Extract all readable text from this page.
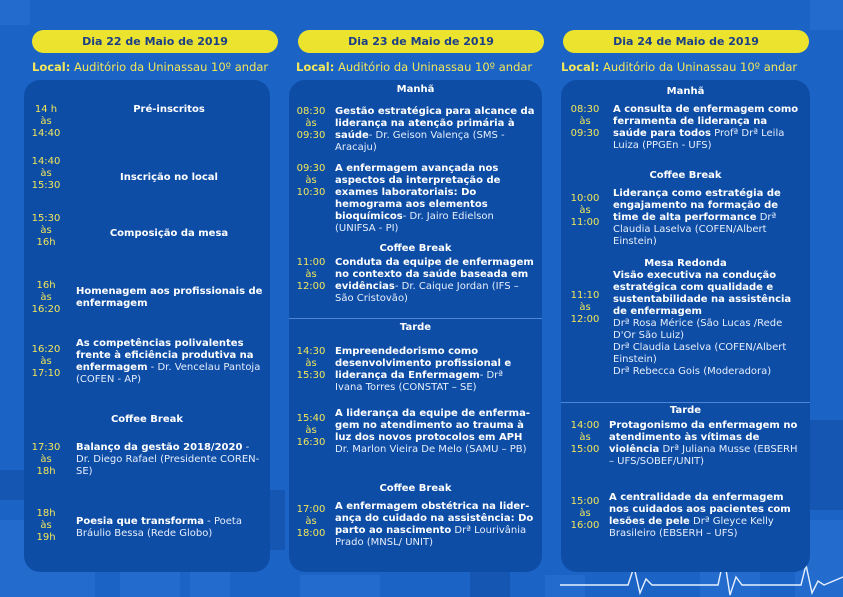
Dia 22 de Maio de 2019
Local: Auditório da Uninassau 10º andar
14 h
às
14:40
Pré-inscritos
14:40
às
15:30
Inscrição no local
15:30
às
16h
Composição da mesa
16h
às
16:20
Homenagem aos profissionais de enfermagem
16:20
às
17:10
As competências polivalentes frente à eficiência produtiva na enfermagem - Dr. Vencelau Pantoja (COFEN - AP)
Coffee Break
17:30
às
18h
Balanço da gestão 2018/2020 - Dr. Diego Rafael (Presidente COREN-SE)
18h
às
19h
Poesia que transforma - Poeta Bráulio Bessa (Rede Globo)
Dia 23 de Maio de 2019
Local: Auditório da Uninassau 10º andar
Manhã
08:30
às
09:30
Gestão estratégica para alcance da liderança na atenção primária à saúde- Dr. Geison Valença (SMS - Aracaju)
09:30
às
10:30
A enfermagem avançada nos aspectos da interpretação de exames laboratoriais: Do hemograma aos elementos bioquímicos- Dr. Jairo Edielson (UNIFSA - PI)
Coffee Break
11:00
às
12:00
Conduta da equipe de enfermagem no contexto da saúde baseada em evidências- Dr. Caique Jordan (IFS – São Cristovão)
Tarde
14:30
às
15:30
Empreendedorismo como desenvolvimento profissional e liderança da Enfermagem- Drª Ivana Torres (CONSTAT – SE)
15:40
às
16:30
A liderança da equipe de enferma- gem no atendimento ao trauma à luz dos novos protocolos em APH Dr. Marlon Vieira De Melo (SAMU – PB)
Coffee Break
17:00
às
18:00
A enfermagem obstétrica na lider- ança do cuidado na assistência: Do parto ao nascimento Drª Lourivânia Prado (MNSL/ UNIT)
Dia 24 de Maio de 2019
Local: Auditório da Uninassau 10º andar
Manhã
08:30
às
09:30
A consulta de enfermagem como ferramenta de liderança na saúde para todos Profª Drª Leila Luiza (PPGEn - UFS)
Coffee Break
10:00
às
11:00
Liderança como estratégia de engajamento na formação de time de alta performance Drª Claudia Laselva (COFEN/Albert Einstein)
Mesa Redonda
11:10
às
12:00
Visão executiva na condução estratégica com qualidade e sustentabilidade na assistência de enfermagem
Drª Rosa Mérice (São Lucas /Rede D'Or São Luiz)
Drª Claudia Laselva (COFEN/Albert Einstein)
Drª Rebecca Gois (Moderadora)
Tarde
14:00
às
15:00
Protagonismo da enfermagem no atendimento às vítimas de violência Drª Juliana Musse (EBSERH – UFS/SOBEF/UNIT)
15:00
às
16:00
A centralidade da enfermagem nos cuidados aos pacientes com lesões de pele Drª Gleyce Kelly Brasileiro (EBSERH – UFS)
